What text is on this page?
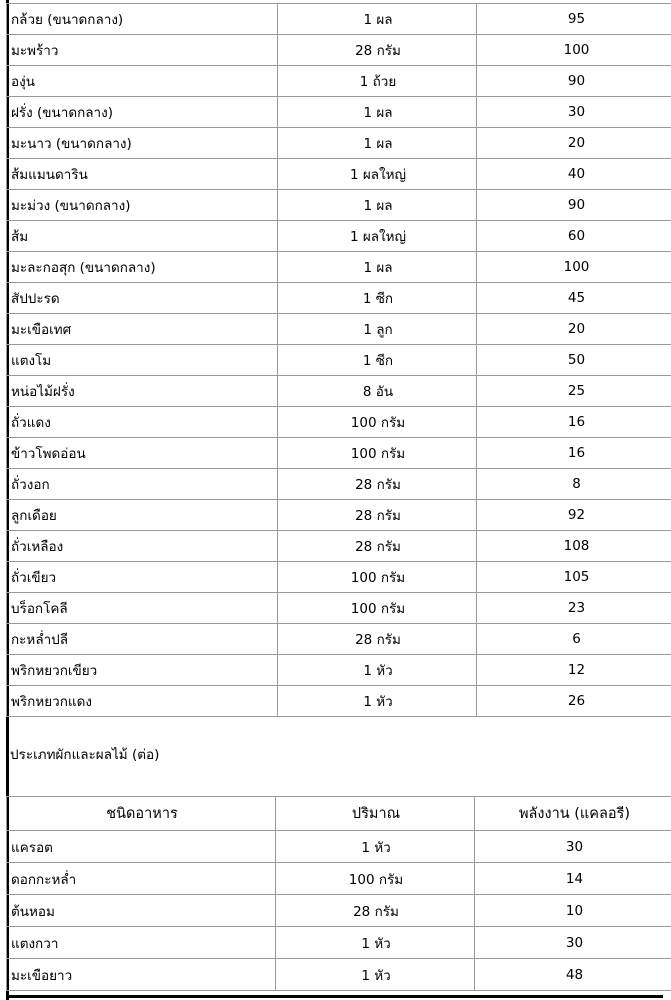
กล้วย (ขนาดกลาง)	1 ผล	95
มะพร้าว	28 กรัม	100
องุ่น	1 ถ้วย	90
ฝรั่ง (ขนาดกลาง)	1 ผล	30
มะนาว (ขนาดกลาง)	1 ผล	20
ส้มแมนดาริน	1 ผลใหญ่	40
มะม่วง (ขนาดกลาง)	1 ผล	90
ส้ม	1 ผลใหญ่	60
มะละกอสุก (ขนาดกลาง)	1 ผล	100
สัปปะรด	1 ซีก	45
มะเขือเทศ	1 ลูก	20
แตงโม	1 ซีก	50
หน่อไม้ฝรั่ง	8 อัน	25
ถั่วแดง	100 กรัม	16
ข้าวโพดอ่อน	100 กรัม	16
ถั่วงอก	28 กรัม	8
ลูกเดือย	28 กรัม	92
ถั่วเหลือง	28 กรัม	108
ถั่วเขียว	100 กรัม	105
บร็อกโคลี	100 กรัม	23
กะหล่ำปลี	28 กรัม	6
พริกหยวกเขียว	1 หัว	12
พริกหยวกแดง	1 หัว	26
ประเภทผักและผลไม้ (ต่อ)
ชนิดอาหาร	ปริมาณ	พลังงาน (แคลอรี)
แครอต	1 หัว	30
ดอกกะหล่ำ	100 กรัม	14
ต้นหอม	28 กรัม	10
แตงกวา	1 หัว	30
มะเขือยาว	1 หัว	48
